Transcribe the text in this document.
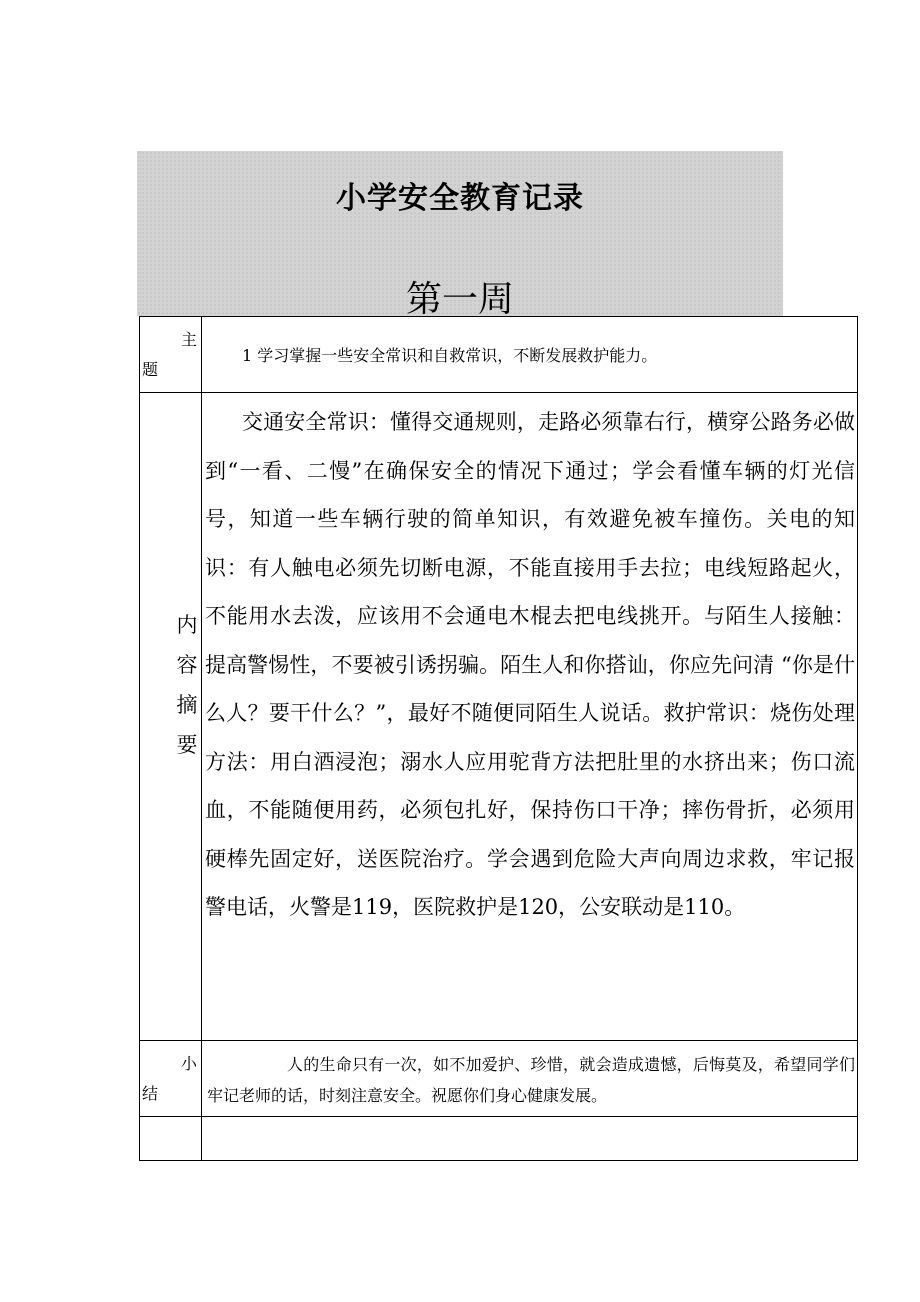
小学安全教育记录
第一周
主
题	1 学习掌握一些安全常识和自救常识，不断发展救护能力。

内容摘要	交通安全常识：懂得交通规则，走路必须靠右行，横穿公路务必做到“一看、二慢”在确保安全的情况下通过；学会看懂车辆的灯光信号，知道一些车辆行驶的简单知识，有效避免被车撞伤。关电的知识：有人触电必须先切断电源，不能直接用手去拉；电线短路起火，不能用水去泼，应该用不会通电木棍去把电线挑开。与陌生人接触：提高警惕性，不要被引诱拐骗。陌生人和你搭讪，你应先问清 “你是什么人？要干什么？”，最好不随便同陌生人说话。救护常识：烧伤处理方法：用白酒浸泡；溺水人应用驼背方法把肚里的水挤出来；伤口流血，不能随便用药，必须包扎好，保持伤口干净；摔伤骨折，必须用硬棒先固定好，送医院治疗。学会遇到危险大声向周边求救，牢记报警电话，火警是119，医院救护是120，公安联动是110。

小
结	人的生命只有一次，如不加爱护、珍惜，就会造成遗憾，后悔莫及，希望同学们牢记老师的话，时刻注意安全。祝愿你们身心健康发展。
